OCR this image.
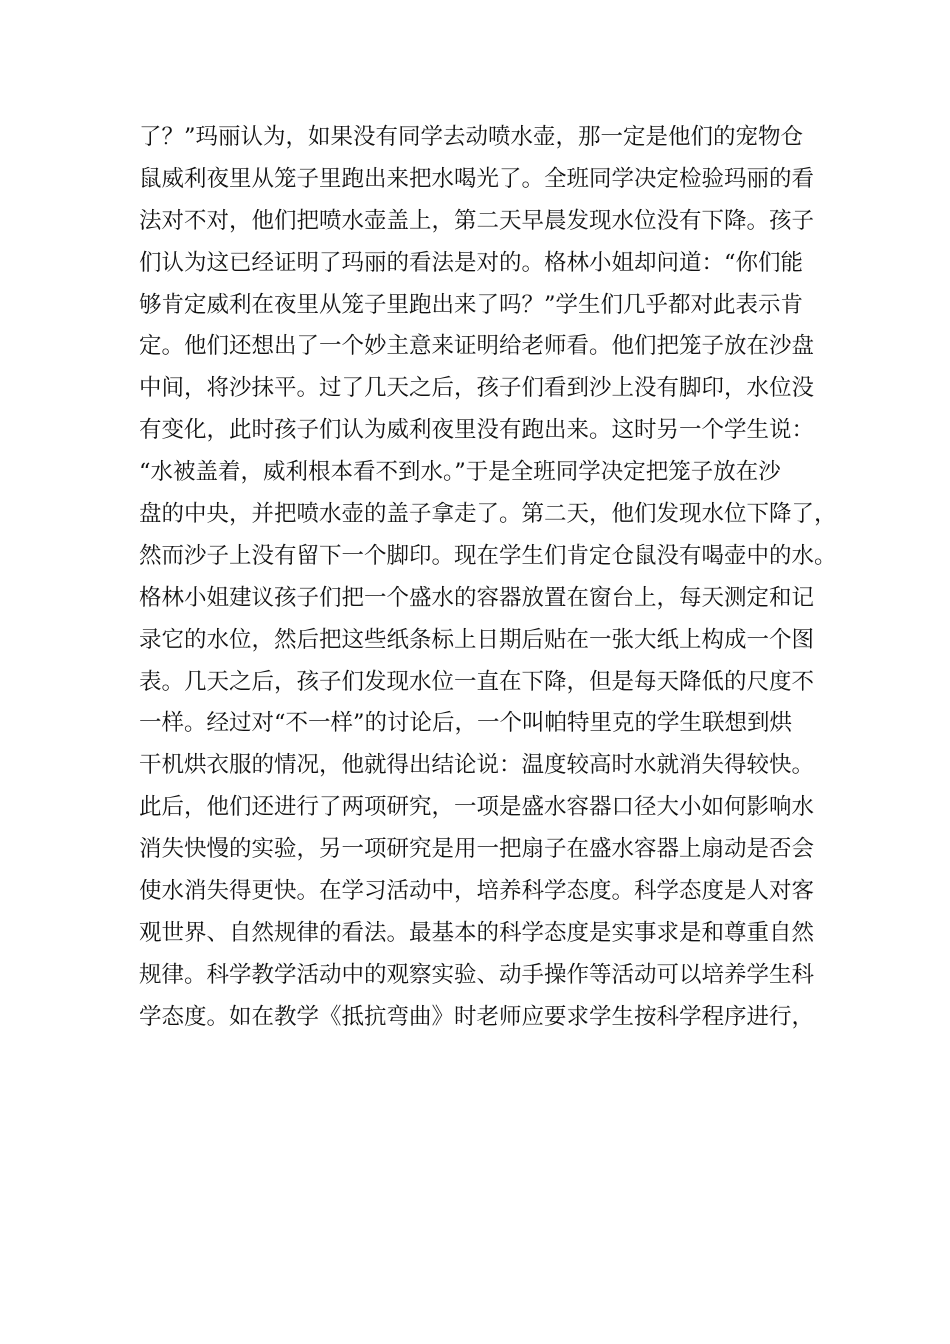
了？”玛丽认为，如果没有同学去动喷水壶，那一定是他们的宠物仓
鼠威利夜里从笼子里跑出来把水喝光了。全班同学决定检验玛丽的看
法对不对，他们把喷水壶盖上，第二天早晨发现水位没有下降。孩子
们认为这已经证明了玛丽的看法是对的。格林小姐却问道：“你们能
够肯定威利在夜里从笼子里跑出来了吗？”学生们几乎都对此表示肯
定。他们还想出了一个妙主意来证明给老师看。他们把笼子放在沙盘
中间，将沙抹平。过了几天之后，孩子们看到沙上没有脚印，水位没
有变化，此时孩子们认为威利夜里没有跑出来。这时另一个学生说：
“水被盖着，威利根本看不到水。”于是全班同学决定把笼子放在沙
盘的中央，并把喷水壶的盖子拿走了。第二天，他们发现水位下降了，
然而沙子上没有留下一个脚印。现在学生们肯定仓鼠没有喝壶中的水。
格林小姐建议孩子们把一个盛水的容器放置在窗台上，每天测定和记
录它的水位，然后把这些纸条标上日期后贴在一张大纸上构成一个图
表。几天之后，孩子们发现水位一直在下降，但是每天降低的尺度不
一样。经过对“不一样”的讨论后，一个叫帕特里克的学生联想到烘
干机烘衣服的情况，他就得出结论说：温度较高时水就消失得较快。
此后，他们还进行了两项研究，一项是盛水容器口径大小如何影响水
消失快慢的实验，另一项研究是用一把扇子在盛水容器上扇动是否会
使水消失得更快。在学习活动中，培养科学态度。科学态度是人对客
观世界、自然规律的看法。最基本的科学态度是实事求是和尊重自然
规律。科学教学活动中的观察实验、动手操作等活动可以培养学生科
学态度。如在教学《抵抗弯曲》时老师应要求学生按科学程序进行，
